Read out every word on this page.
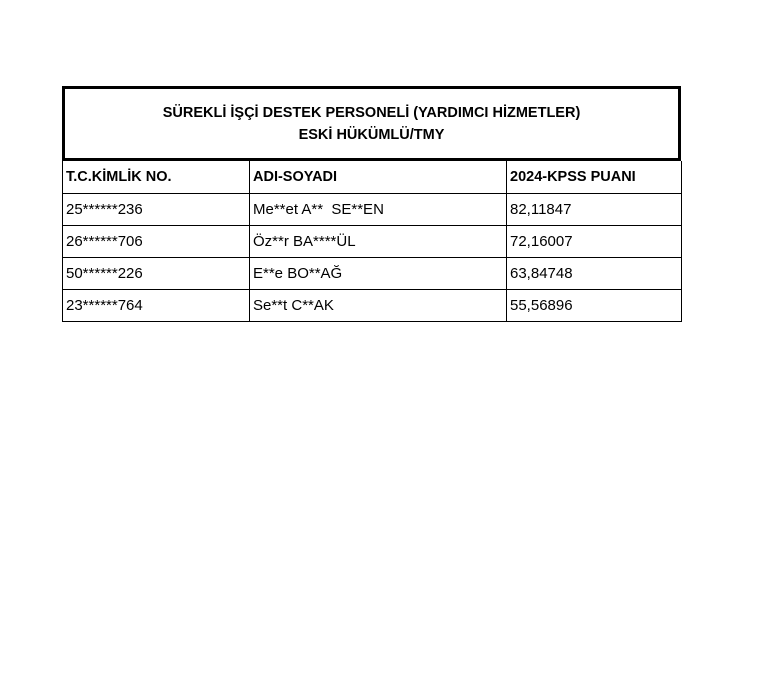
SÜREKLİ İŞÇİ DESTEK PERSONELİ (YARDIMCI HİZMETLER)
ESKİ HÜKÜMLÜ/TMY
T.C.KİMLİK NO.	ADI-SOYADI	2024-KPSS PUANI
25******236	Me**et A**  SE**EN	82,11847
26******706	Öz**r BA****ÜL	72,16007
50******226	E**e BO**AĞ	63,84748
23******764	Se**t C**AK	55,56896
